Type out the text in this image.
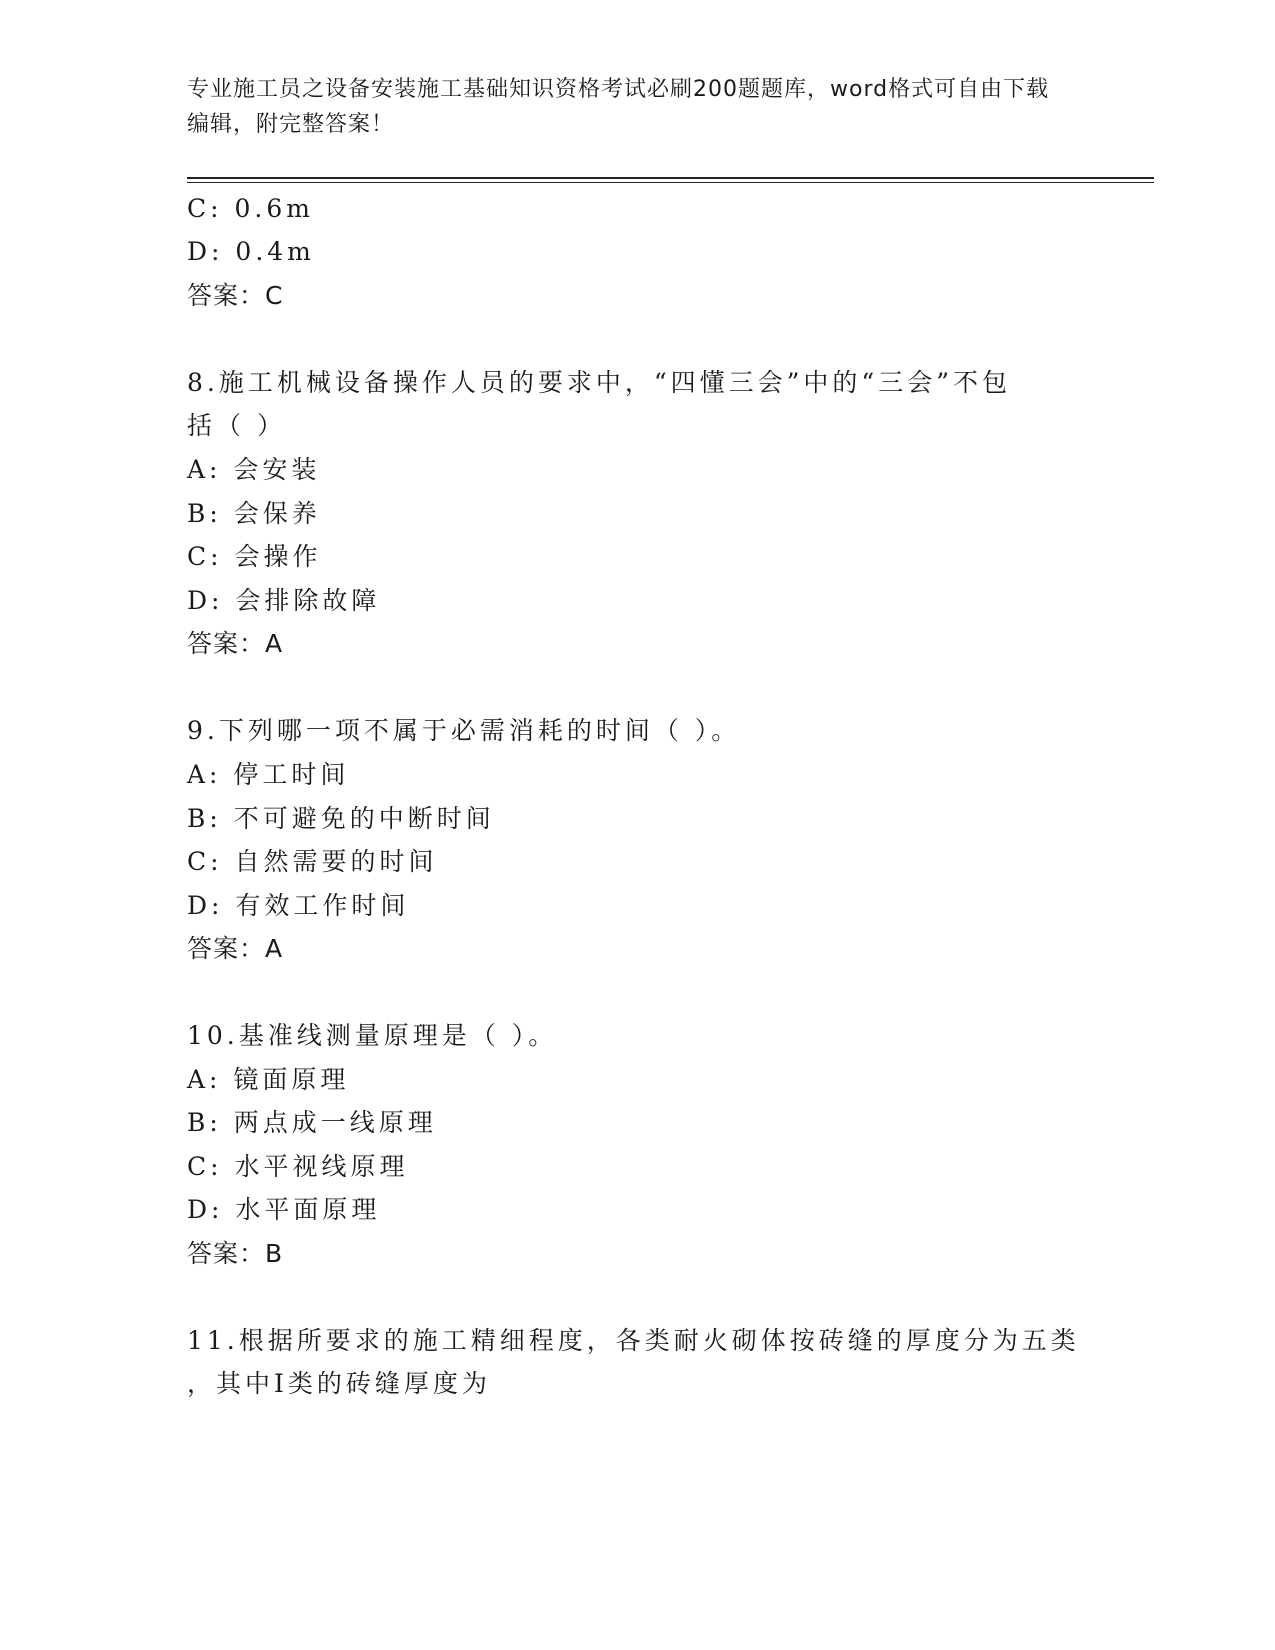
专业施工员之设备安装施工基础知识资格考试必刷200题题库，word格式可自由下载编辑，附完整答案！
C: 0.6m
D: 0.4m
答案：C
8.施工机械设备操作人员的要求中，“四懂三会”中的“三会”不包
括（ ）
A: 会安装
B: 会保养
C: 会操作
D: 会排除故障
答案：A
9.下列哪一项不属于必需消耗的时间（ ）。
A: 停工时间
B: 不可避免的中断时间
C: 自然需要的时间
D: 有效工作时间
答案：A
10.基准线测量原理是（ ）。
A: 镜面原理
B: 两点成一线原理
C: 水平视线原理
D: 水平面原理
答案：B
11.根据所要求的施工精细程度，各类耐火砌体按砖缝的厚度分为五类
，其中Ⅰ类的砖缝厚度为
